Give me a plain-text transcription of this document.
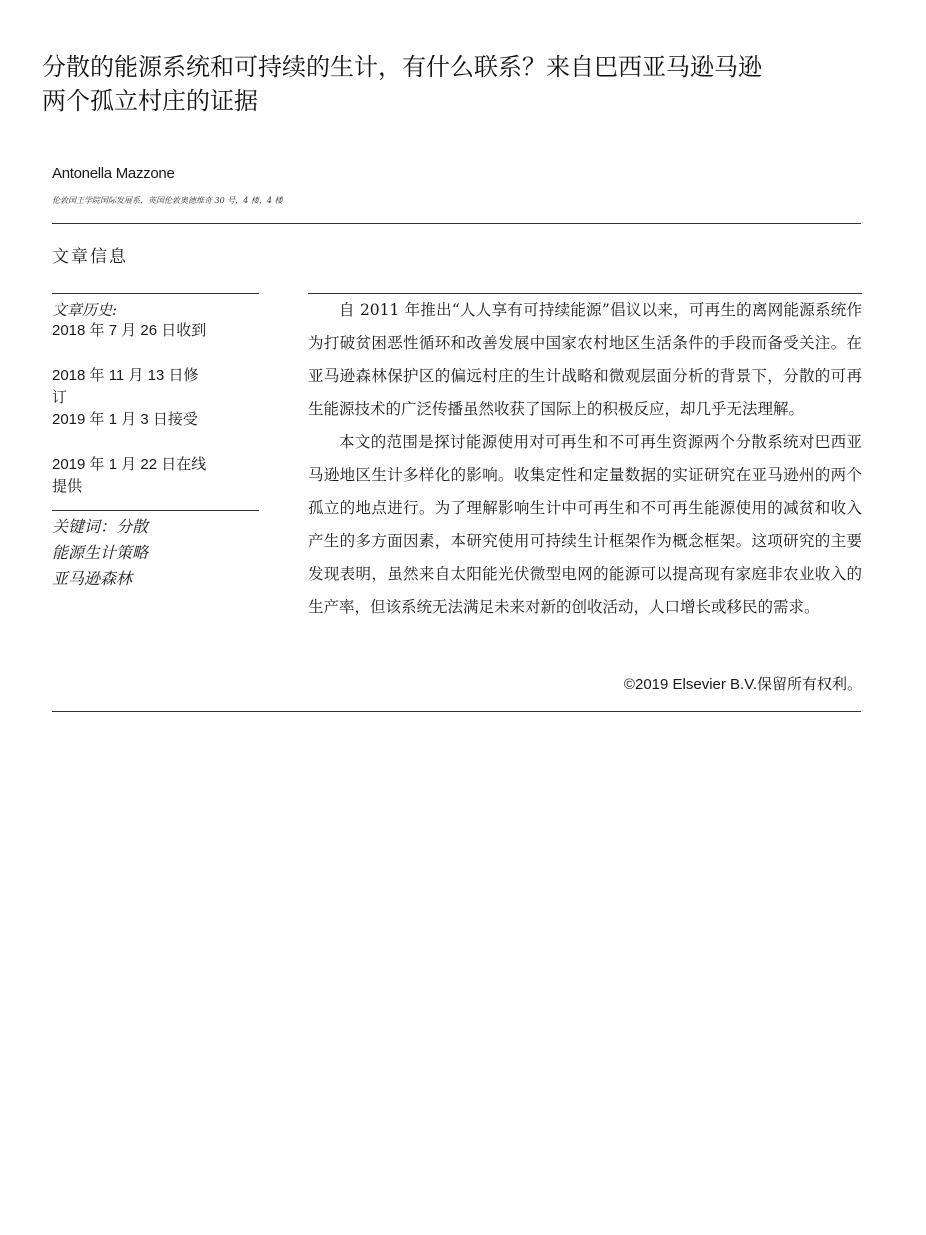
分散的能源系统和可持续的生计，有什么联系？来自巴西亚马逊马逊两个孤立村庄的证据
Antonella Mazzone
伦敦国王学院国际发展系，英国伦敦奥德维奇 30 号，4 楼，4 楼
文章信息
文章历史:
2018 年 7 月 26 日收到
2018 年 11 月 13 日修订
2019 年 1 月 3 日接受
2019 年 1 月 22 日在线提供
关键词：分散能源生计策略亚马逊森林

自 2011 年推出“人人享有可持续能源”倡议以来，可再生的离网能源系统作为打破贫困恶性循环和改善发展中国家农村地区生活条件的手段而备受关注。在亚马逊森林保护区的偏远村庄的生计战略和微观层面分析的背景下，分散的可再生能源技术的广泛传播虽然收获了国际上的积极反应，却几乎无法理解。

本文的范围是探讨能源使用对可再生和不可再生资源两个分散系统对巴西亚马逊地区生计多样化的影响。收集定性和定量数据的实证研究在亚马逊州的两个孤立的地点进行。为了理解影响生计中可再生和不可再生能源使用的减贫和收入产生的多方面因素，本研究使用可持续生计框架作为概念框架。这项研究的主要发现表明，虽然来自太阳能光伏微型电网的能源可以提高现有家庭非农业收入的生产率，但该系统无法满足未来对新的创收活动，人口增长或移民的需求。

©2019 Elsevier B.V.保留所有权利。
